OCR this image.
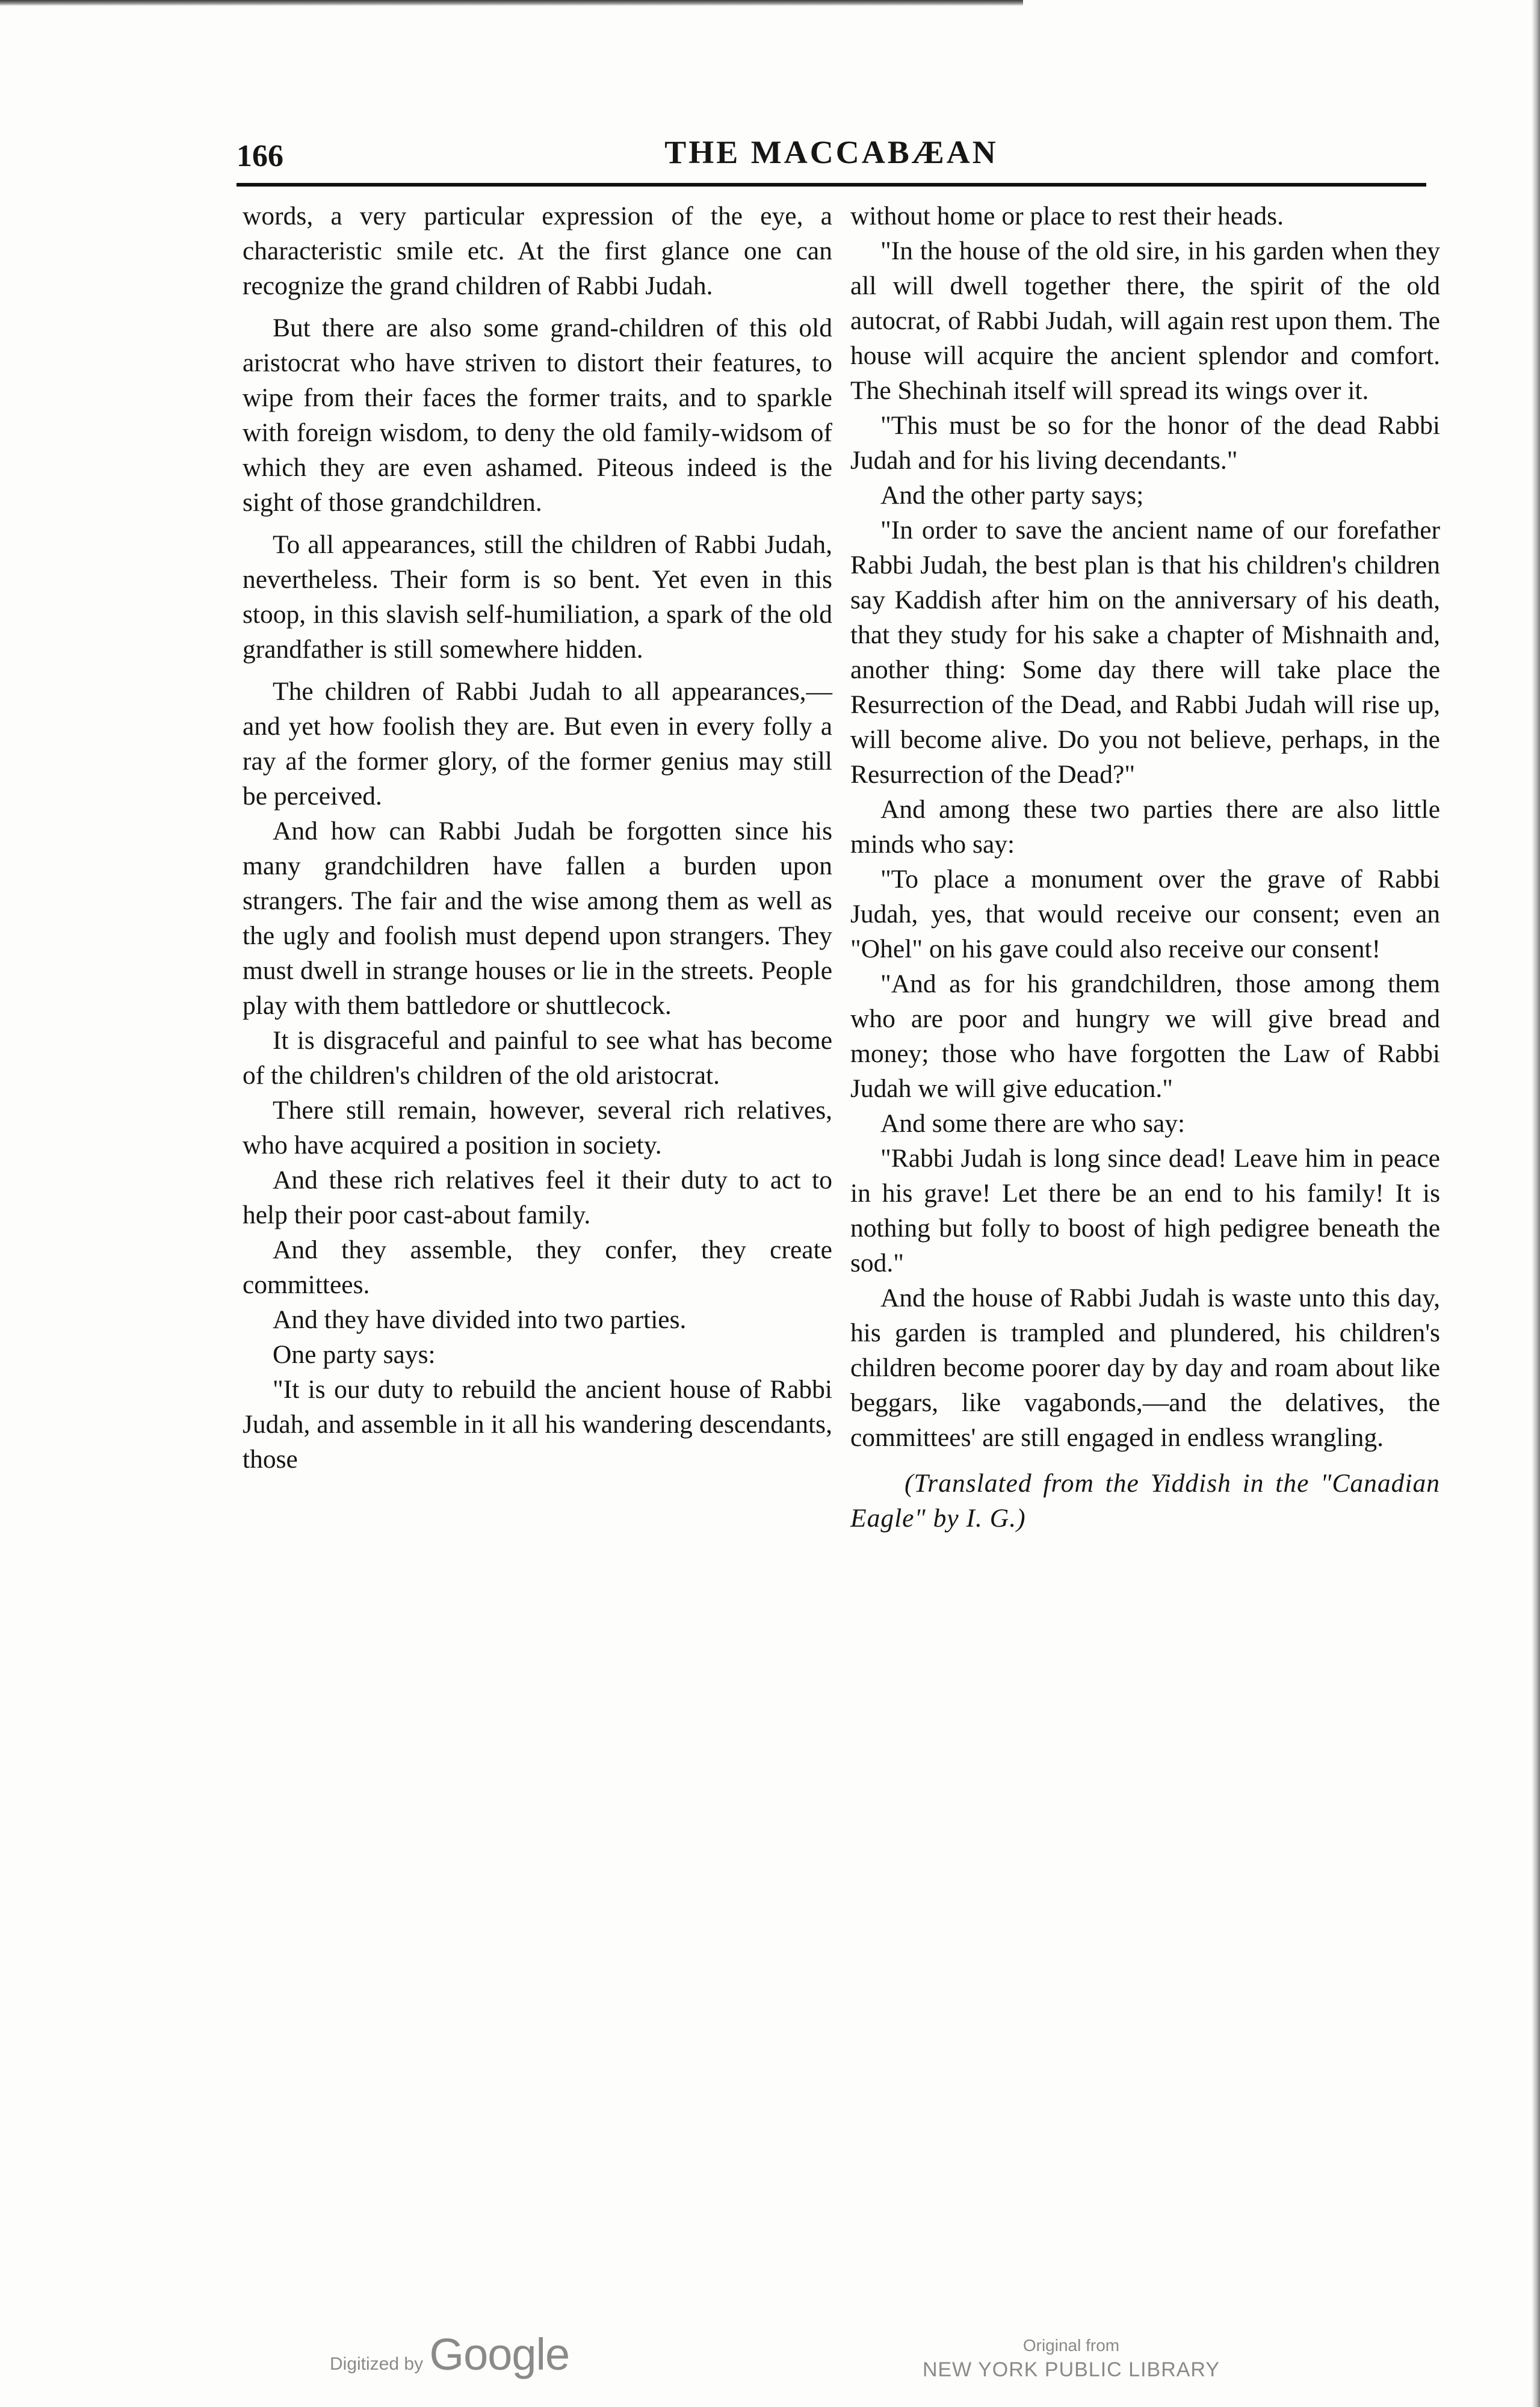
166	THE MACCABÆAN

words, a very particular expression of the eye, a characteristic smile etc. At the first glance one can recognize the grand children of Rabbi Judah.

But there are also some grand-children of this old aristocrat who have striven to distort their features, to wipe from their faces the former traits, and to sparkle with foreign wisdom, to deny the old family-widsom of which they are even ashamed. Piteous indeed is the sight of those grandchildren.

To all appearances, still the children of Rabbi Judah, nevertheless. Their form is so bent. Yet even in this stoop, in this slavish self-humiliation, a spark of the old grandfather is still somewhere hidden.

The children of Rabbi Judah to all appearances,—and yet how foolish they are. But even in every folly a ray af the former glory, of the former genius may still be perceived.

And how can Rabbi Judah be forgotten since his many grandchildren have fallen a burden upon strangers. The fair and the wise among them as well as the ugly and foolish must depend upon strangers. They must dwell in strange houses or lie in the streets. People play with them battledore or shuttlecock.

It is disgraceful and painful to see what has become of the children's children of the old aristocrat.

There still remain, however, several rich relatives, who have acquired a position in society.

And these rich relatives feel it their duty to act to help their poor cast-about family.

And they assemble, they confer, they create committees.

And they have divided into two parties.

One party says:

"It is our duty to rebuild the ancient house of Rabbi Judah, and assemble in it all his wandering descendants, those

without home or place to rest their heads.

"In the house of the old sire, in his garden when they all will dwell together there, the spirit of the old autocrat, of Rabbi Judah, will again rest upon them. The house will acquire the ancient splendor and comfort. The Shechinah itself will spread its wings over it.

"This must be so for the honor of the dead Rabbi Judah and for his living decendants."

And the other party says;

"In order to save the ancient name of our forefather Rabbi Judah, the best plan is that his children's children say Kaddish after him on the anniversary of his death, that they study for his sake a chapter of Mishnaith and, another thing: Some day there will take place the Resurrection of the Dead, and Rabbi Judah will rise up, will become alive. Do you not believe, perhaps, in the Resurrection of the Dead?"

And among these two parties there are also little minds who say:

"To place a monument over the grave of Rabbi Judah, yes, that would receive our consent; even an "Ohel" on his gave could also receive our consent!

"And as for his grandchildren, those among them who are poor and hungry we will give bread and money; those who have forgotten the Law of Rabbi Judah we will give education."

And some there are who say:

"Rabbi Judah is long since dead! Leave him in peace in his grave! Let there be an end to his family! It is nothing but folly to boost of high pedigree beneath the sod."

And the house of Rabbi Judah is waste unto this day, his garden is trampled and plundered, his children's children become poorer day by day and roam about like beggars, like vagabonds,—and the delatives, the committees' are still engaged in endless wrangling.

(Translated from the Yiddish in the "Canadian Eagle" by I. G.)

Digitized by Google	Original from
NEW YORK PUBLIC LIBRARY
